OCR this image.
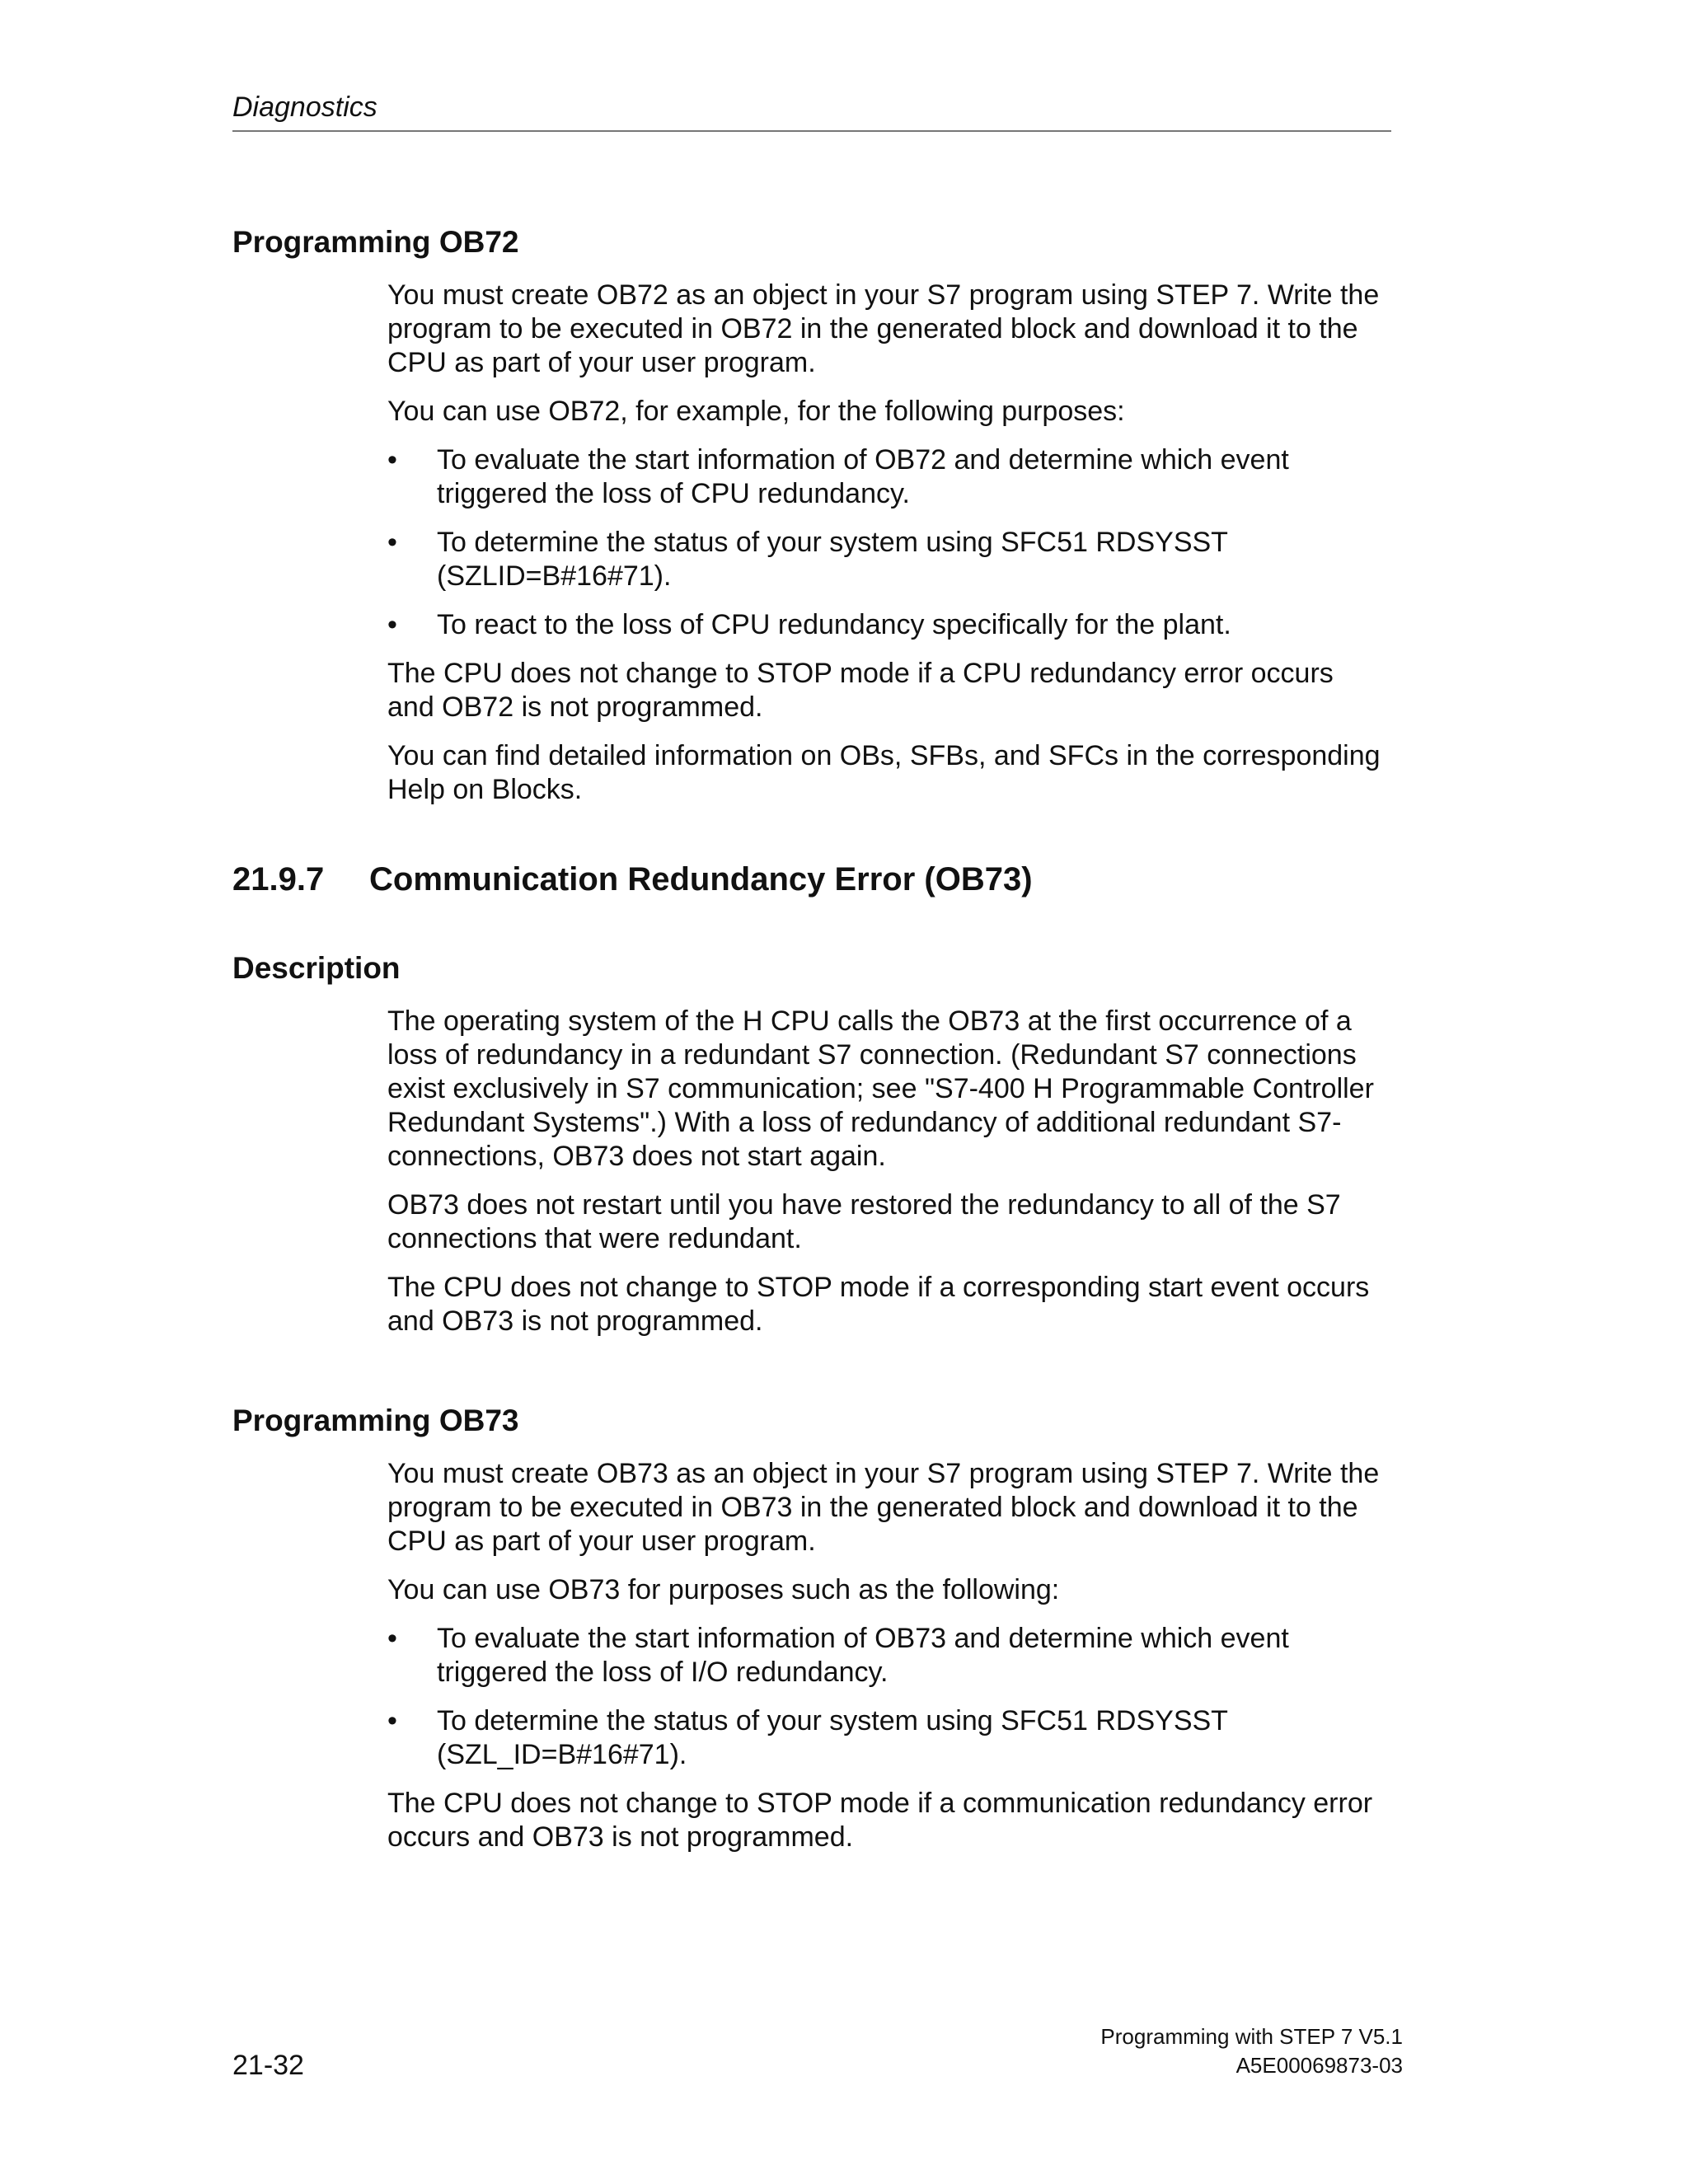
Diagnostics
Programming OB72

You must create OB72 as an object in your S7 program using STEP 7. Write the program to be executed in OB72 in the generated block and download it to the CPU as part of your user program.

You can use OB72, for example, for the following purposes:

• To evaluate the start information of OB72 and determine which event triggered the loss of CPU redundancy.
• To determine the status of your system using SFC51 RDSYSST (SZLID=B#16#71).
• To react to the loss of CPU redundancy specifically for the plant.

The CPU does not change to STOP mode if a CPU redundancy error occurs and OB72 is not programmed.

You can find detailed information on OBs, SFBs, and SFCs in the corresponding Help on Blocks.

21.9.7 Communication Redundancy Error (OB73)
Description

The operating system of the H CPU calls the OB73 at the first occurrence of a loss of redundancy in a redundant S7 connection. (Redundant S7 connections exist exclusively in S7 communication; see "S7-400 H Programmable Controller Redundant Systems".) With a loss of redundancy of additional redundant S7-connections, OB73 does not start again.

OB73 does not restart until you have restored the redundancy to all of the S7 connections that were redundant.

The CPU does not change to STOP mode if a corresponding start event occurs and OB73 is not programmed.

Programming OB73

You must create OB73 as an object in your S7 program using STEP 7. Write the program to be executed in OB73 in the generated block and download it to the CPU as part of your user program.

You can use OB73 for purposes such as the following:

• To evaluate the start information of OB73 and determine which event triggered the loss of I/O redundancy.
• To determine the status of your system using SFC51 RDSYSST (SZL_ID=B#16#71).

The CPU does not change to STOP mode if a communication redundancy error occurs and OB73 is not programmed.

21-32
Programming with STEP 7 V5.1
A5E00069873-03
